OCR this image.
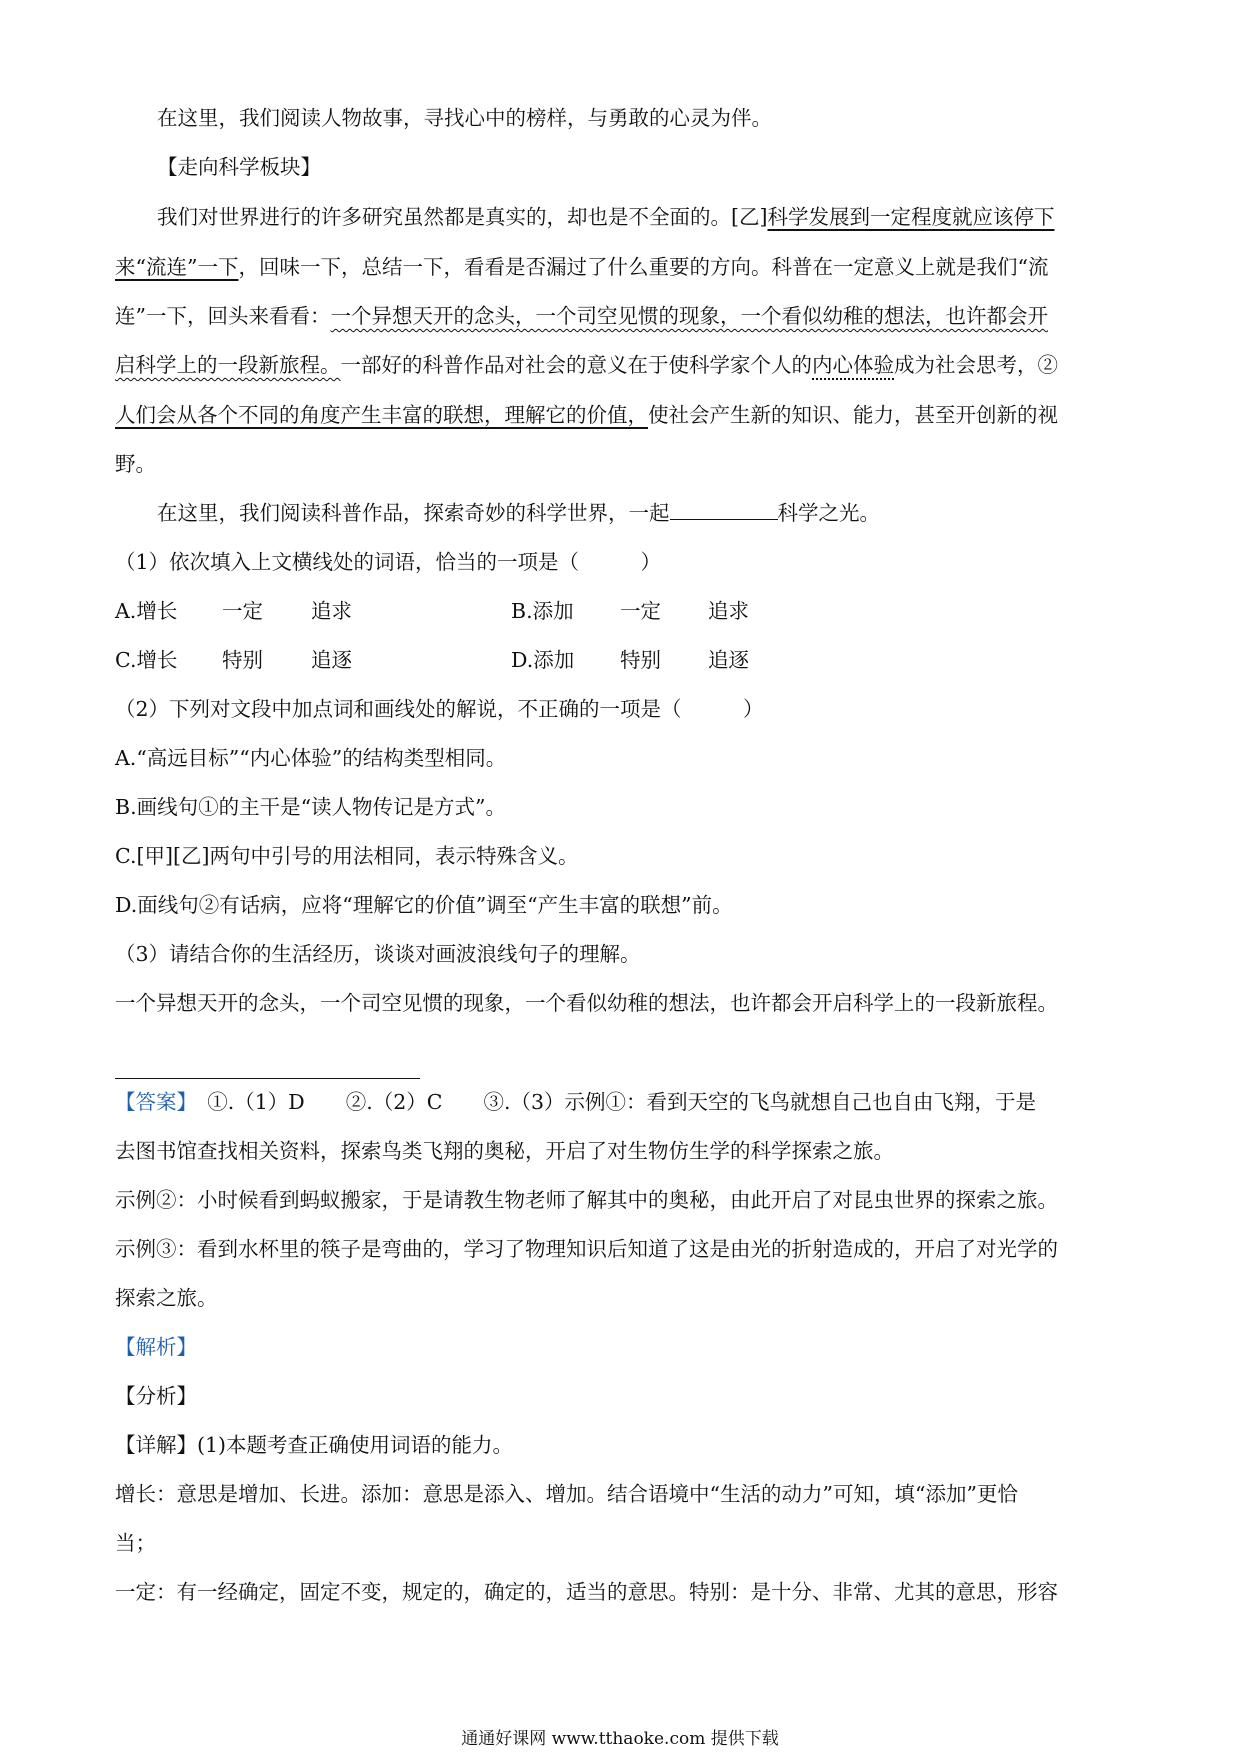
在这里，我们阅读人物故事，寻找心中的榜样，与勇敢的心灵为伴。
【走向科学板块】
我们对世界进行的许多研究虽然都是真实的，却也是不全面的。[乙]科学发展到一定程度就应该停下
来“流连”一下，回味一下，总结一下，看看是否漏过了什么重要的方向。科普在一定意义上就是我们“流
连”一下，回头来看看：一个异想天开的念头，一个司空见惯的现象，一个看似幼稚的想法，也许都会开
启科学上的一段新旅程。一部好的科普作品对社会的意义在于使科学家个人的内心体验成为社会思考，②
人们会从各个不同的角度产生丰富的联想，理解它的价值，使社会产生新的知识、能力，甚至开创新的视
野。
在这里，我们阅读科普作品，探索奇妙的科学世界，一起	科学之光。
（1）依次填入上文横线处的词语，恰当的一项是（　　　）
A.增长 一定 追求	B.添加 一定 追求
C.增长 特别 追逐	D.添加 特别 追逐
（2）下列对文段中加点词和画线处的解说，不正确的一项是（　　　）
A.“高远目标”“内心体验”的结构类型相同。
B.画线句①的主干是“读人物传记是方式”。
C.[甲][乙]两句中引号的用法相同，表示特殊含义。
D.面线句②有话病，应将“理解它的价值”调至“产生丰富的联想”前。
（3）请结合你的生活经历，谈谈对画波浪线句子的理解。
一个异想天开的念头，一个司空见惯的现象，一个看似幼稚的想法，也许都会开启科学上的一段新旅程。
【答案】　①.（1）D　　②.（2）C　　③.（3）示例①：看到天空的飞鸟就想自己也自由飞翔，于是
去图书馆查找相关资料，探索鸟类飞翔的奥秘，开启了对生物仿生学的科学探索之旅。
示例②：小时候看到蚂蚁搬家，于是请教生物老师了解其中的奥秘，由此开启了对昆虫世界的探索之旅。
示例③：看到水杯里的筷子是弯曲的，学习了物理知识后知道了这是由光的折射造成的，开启了对光学的
探索之旅。
【解析】
【分析】
【详解】(1)本题考查正确使用词语的能力。
增长：意思是增加、长进。添加：意思是添入、增加。结合语境中“生活的动力”可知，填“添加”更恰
当；
一定：有一经确定，固定不变，规定的，确定的，适当的意思。特别：是十分、非常、尤其的意思，形容
通通好课网 www.tthaoke.com 提供下载
